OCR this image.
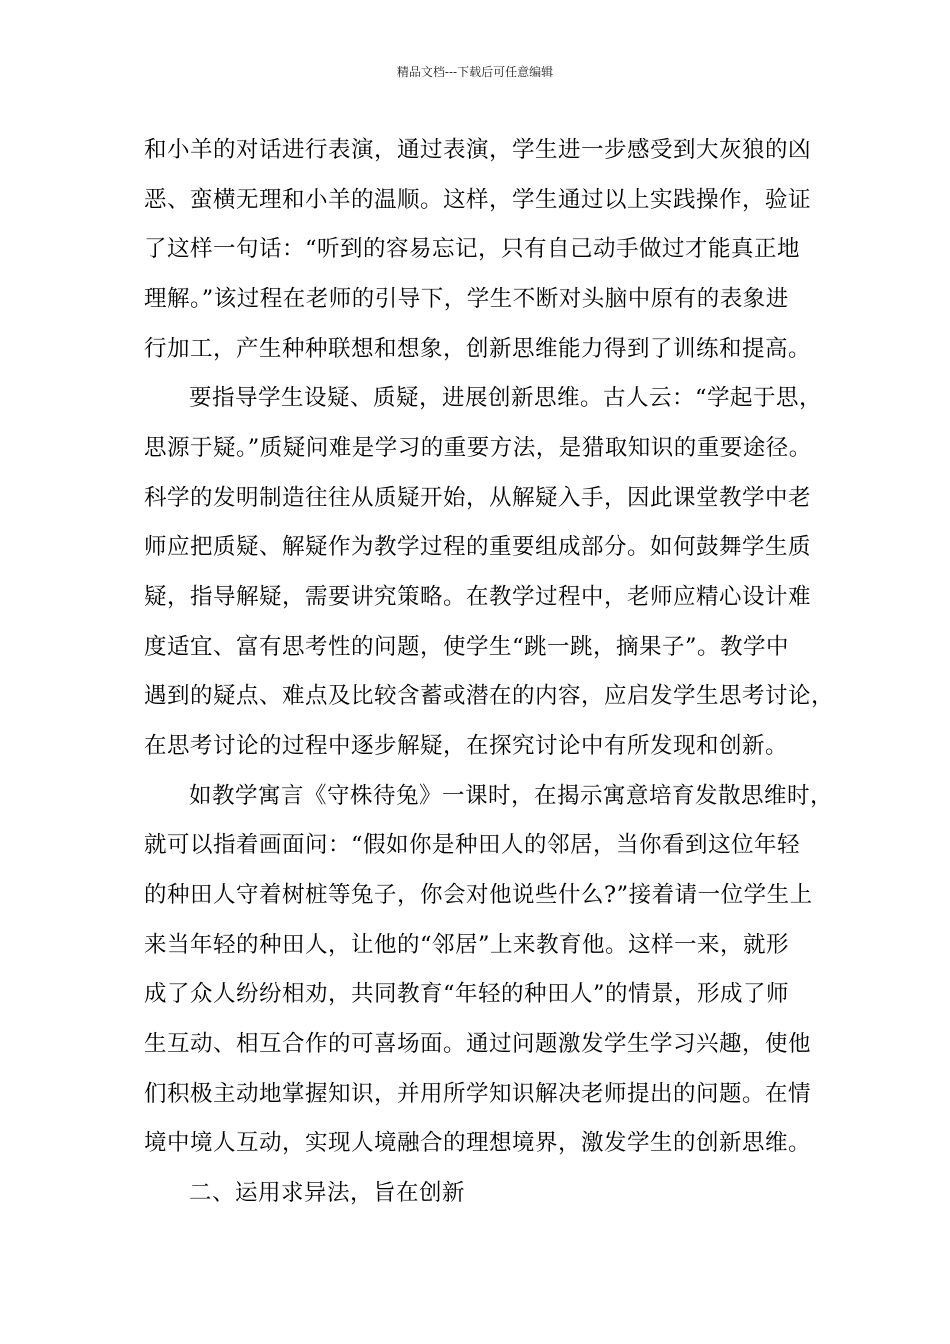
精品文档---下载后可任意编辑
和小羊的对话进行表演，通过表演，学生进一步感受到大灰狼的凶
恶、蛮横无理和小羊的温顺。这样，学生通过以上实践操作，验证
了这样一句话：“听到的容易忘记，只有自己动手做过才能真正地
理解。”该过程在老师的引导下，学生不断对头脑中原有的表象进
行加工，产生种种联想和想象，创新思维能力得到了训练和提高。
要指导学生设疑、质疑，进展创新思维。古人云：“学起于思，
思源于疑。”质疑问难是学习的重要方法，是猎取知识的重要途径。
科学的发明制造往往从质疑开始，从解疑入手，因此课堂教学中老
师应把质疑、解疑作为教学过程的重要组成部分。如何鼓舞学生质
疑，指导解疑，需要讲究策略。在教学过程中，老师应精心设计难
度适宜、富有思考性的问题，使学生“跳一跳，摘果子”。教学中
遇到的疑点、难点及比较含蓄或潜在的内容，应启发学生思考讨论，
在思考讨论的过程中逐步解疑，在探究讨论中有所发现和创新。
如教学寓言《守株待兔》一课时，在揭示寓意培育发散思维时，
就可以指着画面问：“假如你是种田人的邻居，当你看到这位年轻
的种田人守着树桩等兔子，你会对他说些什么?”接着请一位学生上
来当年轻的种田人，让他的“邻居”上来教育他。这样一来，就形
成了众人纷纷相劝，共同教育“年轻的种田人”的情景，形成了师
生互动、相互合作的可喜场面。通过问题激发学生学习兴趣，使他
们积极主动地掌握知识，并用所学知识解决老师提出的问题。在情
境中境人互动，实现人境融合的理想境界，激发学生的创新思维。
二、运用求异法，旨在创新
